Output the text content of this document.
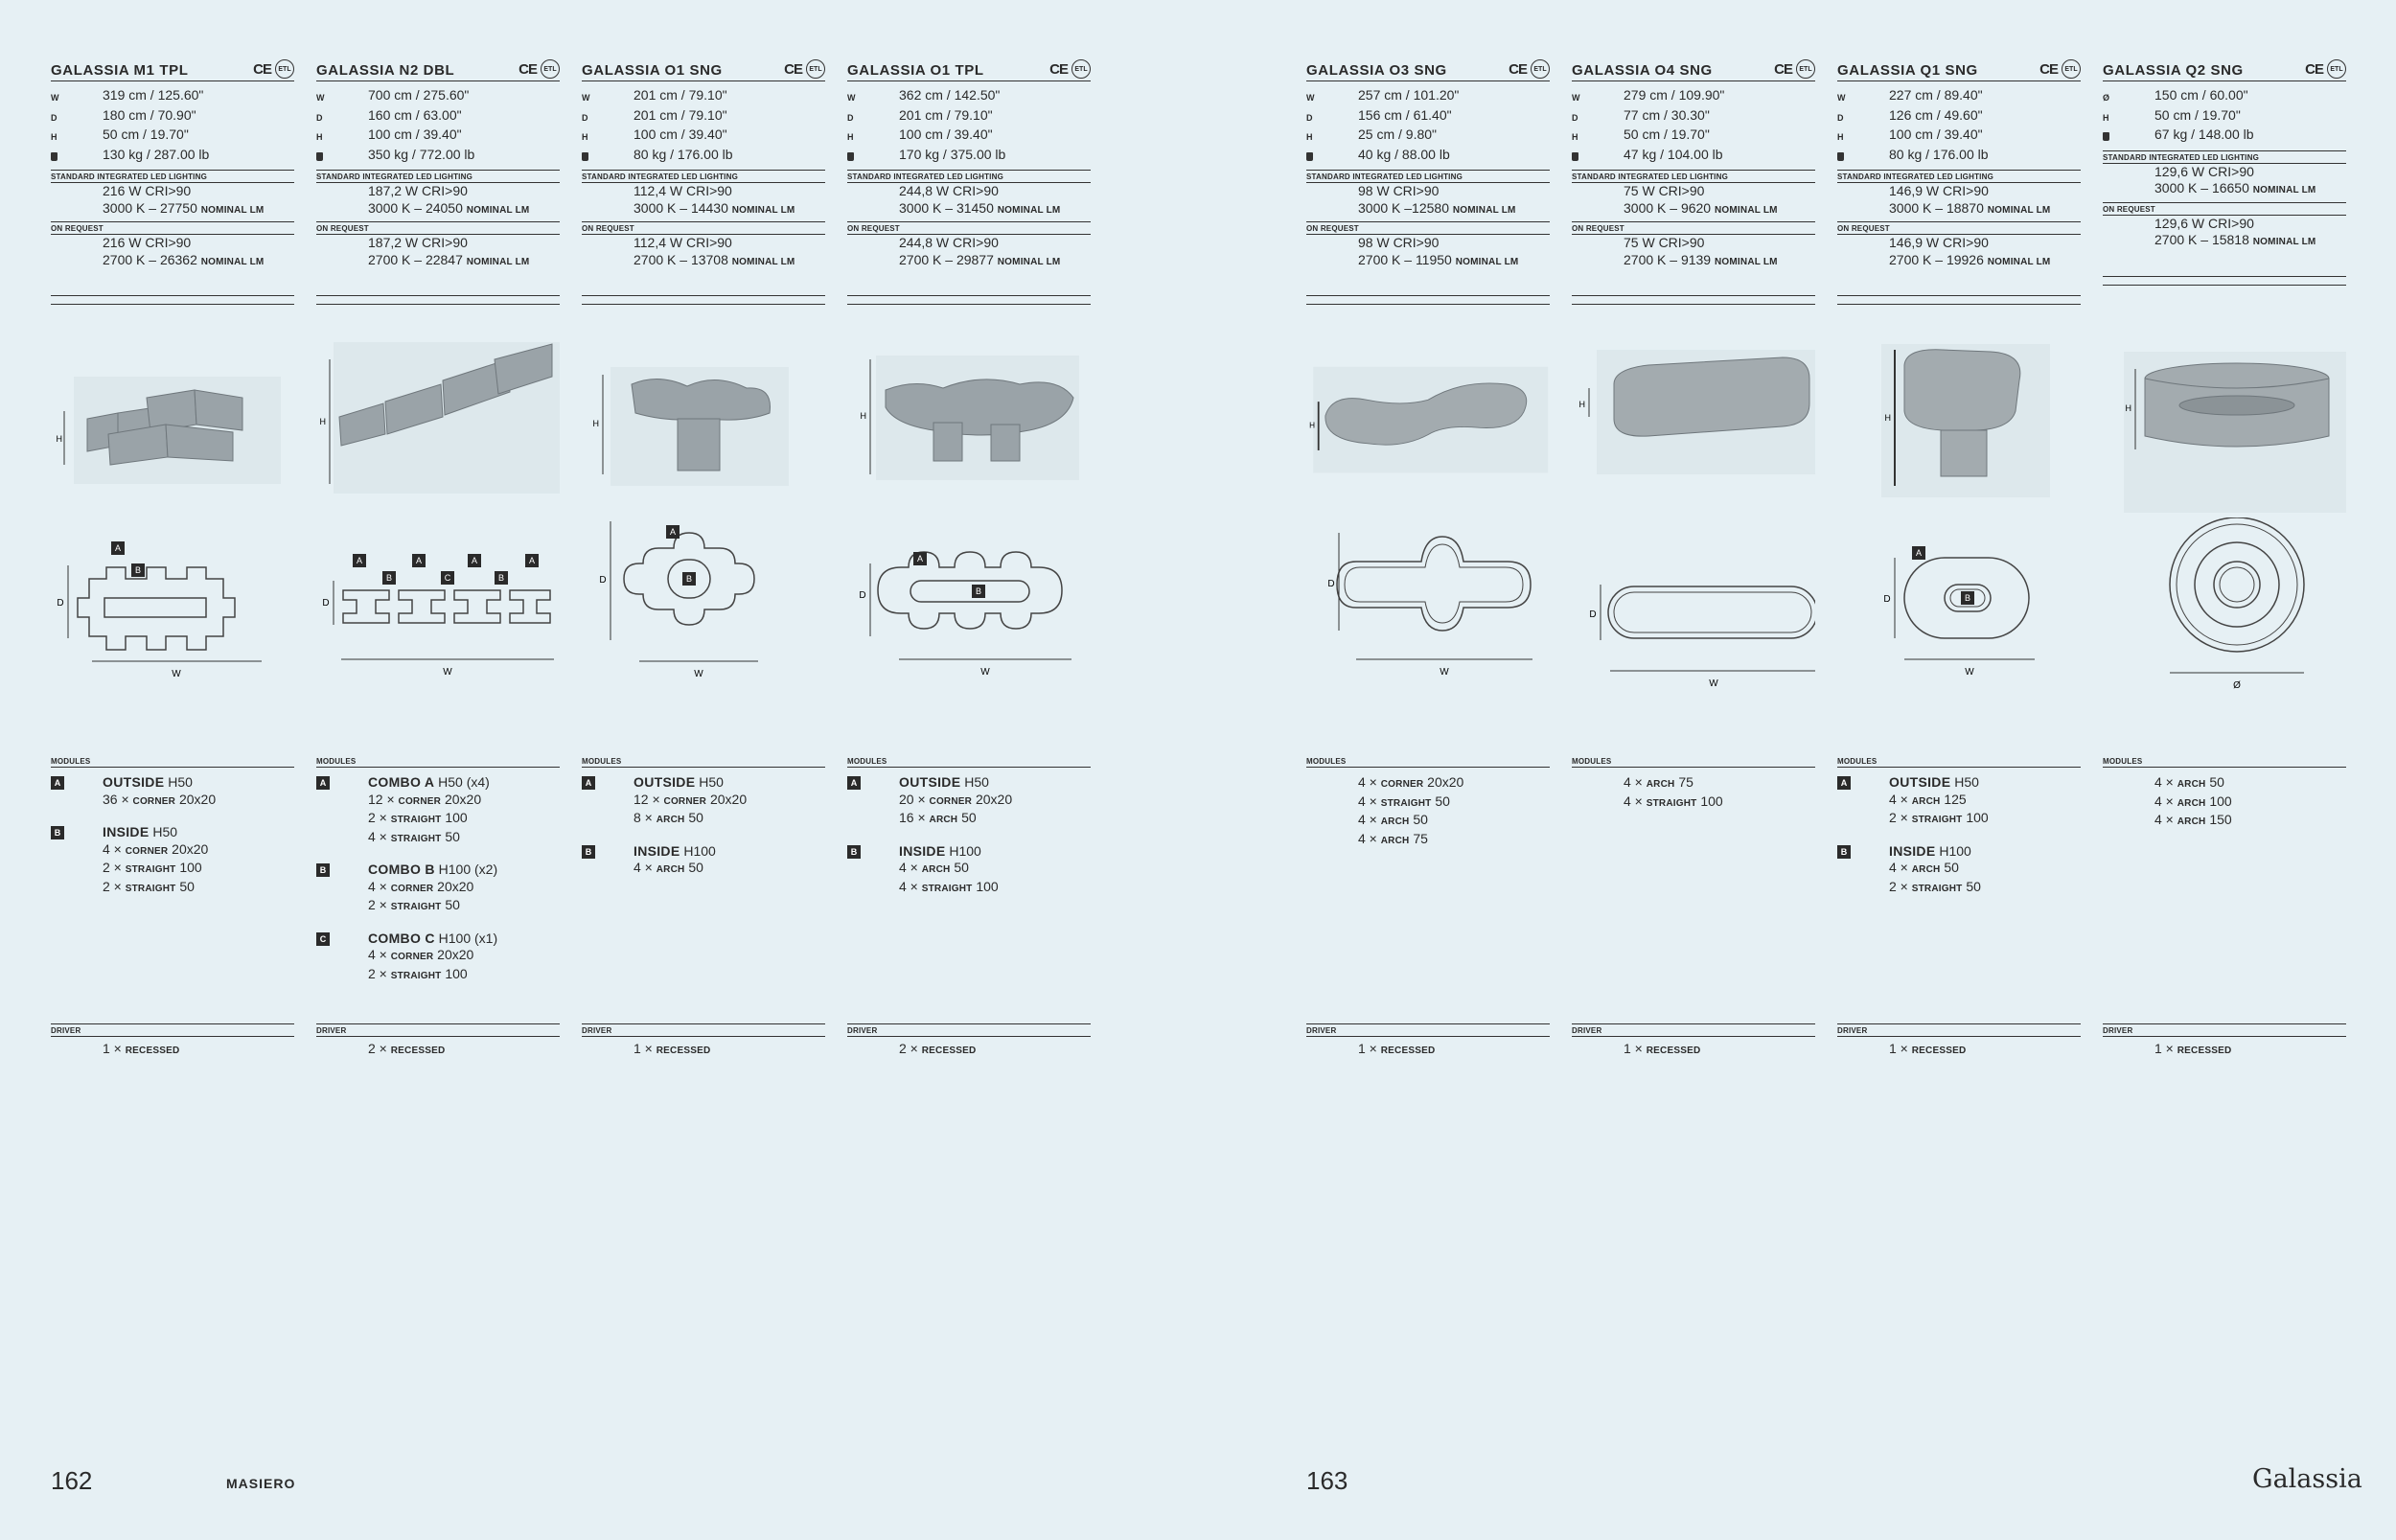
GALASSIA M1 TPL	CE	ETL
W	319 cm / 125.60"
D	180 cm / 70.90"
H	50 cm / 19.70"
130 kg / 287.00 lb
STANDARD INTEGRATED LED LIGHTING
216 W CRI>90
3000 K – 27750 NOMINAL LM
ON REQUEST
216 W CRI>90
2700 K – 26362 NOMINAL LM
MODULES
A	OUTSIDE H50
36 × CORNER 20x20
B	INSIDE H50
4 × CORNER 20x20
2 × STRAIGHT 100
2 × STRAIGHT 50
DRIVER
1 × RECESSED
GALASSIA N2 DBL	CE	ETL
W	700 cm / 275.60"
D	160 cm / 63.00"
H	100 cm / 39.40"
350 kg / 772.00 lb
STANDARD INTEGRATED LED LIGHTING
187,2 W CRI>90
3000 K – 24050 NOMINAL LM
ON REQUEST
187,2 W CRI>90
2700 K – 22847 NOMINAL LM
MODULES
A	COMBO A H50 (x4)
12 × CORNER 20x20
2 × STRAIGHT 100
4 × STRAIGHT 50
B	COMBO B H100 (x2)
4 × CORNER 20x20
2 × STRAIGHT 50
C	COMBO C H100 (x1)
4 × CORNER 20x20
2 × STRAIGHT 100
DRIVER
2 × RECESSED
GALASSIA O1 SNG	CE	ETL
W	201 cm / 79.10"
D	201 cm / 79.10"
H	100 cm / 39.40"
80 kg / 176.00 lb
STANDARD INTEGRATED LED LIGHTING
112,4 W CRI>90
3000 K – 14430 NOMINAL LM
ON REQUEST
112,4 W CRI>90
2700 K – 13708 NOMINAL LM
MODULES
A	OUTSIDE H50
12 × CORNER 20x20
8 × ARCH 50
B	INSIDE H100
4 × ARCH 50
DRIVER
1 × RECESSED
GALASSIA O1 TPL	CE	ETL
W	362 cm / 142.50"
D	201 cm / 79.10"
H	100 cm / 39.40"
170 kg / 375.00 lb
STANDARD INTEGRATED LED LIGHTING
244,8 W CRI>90
3000 K – 31450 NOMINAL LM
ON REQUEST
244,8 W CRI>90
2700 K – 29877 NOMINAL LM
MODULES
A	OUTSIDE H50
20 × CORNER 20x20
16 × ARCH 50
B	INSIDE H100
4 × ARCH 50
4 × STRAIGHT 100
DRIVER
2 × RECESSED
GALASSIA O3 SNG	CE	ETL
W	257 cm / 101.20"
D	156 cm / 61.40"
H	25 cm / 9.80"
40 kg / 88.00 lb
STANDARD INTEGRATED LED LIGHTING
98 W CRI>90
3000 K –12580 NOMINAL LM
ON REQUEST
98 W CRI>90
2700 K – 11950 NOMINAL LM
MODULES
4 × CORNER 20x20
4 × STRAIGHT 50
4 × ARCH 50
4 × ARCH 75
DRIVER
1 × RECESSED
GALASSIA O4 SNG	CE	ETL
W	279 cm / 109.90"
D	77 cm / 30.30"
H	50 cm / 19.70"
47 kg / 104.00 lb
STANDARD INTEGRATED LED LIGHTING
75 W CRI>90
3000 K – 9620 NOMINAL LM
ON REQUEST
75 W CRI>90
2700 K – 9139 NOMINAL LM
MODULES
4 × ARCH 75
4 × STRAIGHT 100
DRIVER
1 × RECESSED
GALASSIA Q1 SNG	CE	ETL
W	227 cm / 89.40"
D	126 cm / 49.60"
H	100 cm / 39.40"
80 kg / 176.00 lb
STANDARD INTEGRATED LED LIGHTING
146,9 W CRI>90
3000 K – 18870 NOMINAL LM
ON REQUEST
146,9 W CRI>90
2700 K – 19926 NOMINAL LM
MODULES
A	OUTSIDE H50
4 × ARCH 125
2 × STRAIGHT 100
B	INSIDE H100
4 × ARCH 50
2 × STRAIGHT 50
DRIVER
1 × RECESSED
GALASSIA Q2 SNG	CE	ETL
Ø	150 cm / 60.00"
H	50 cm / 19.70"
67 kg / 148.00 lb
STANDARD INTEGRATED LED LIGHTING
129,6 W CRI>90
3000 K – 16650 NOMINAL LM
ON REQUEST
129,6 W CRI>90
2700 K – 15818 NOMINAL LM
MODULES
4 × ARCH 50
4 × ARCH 100
4 × ARCH 150
DRIVER
1 × RECESSED
H
H	H
H
H
H
H
H
A
B
D
W
A	A	A	A
B	C	B
D
W
A
B
D
W
A
B
D
W
D
W
D
W
A
B
D
W
Ø
162	MASIERO	163	Galassia
